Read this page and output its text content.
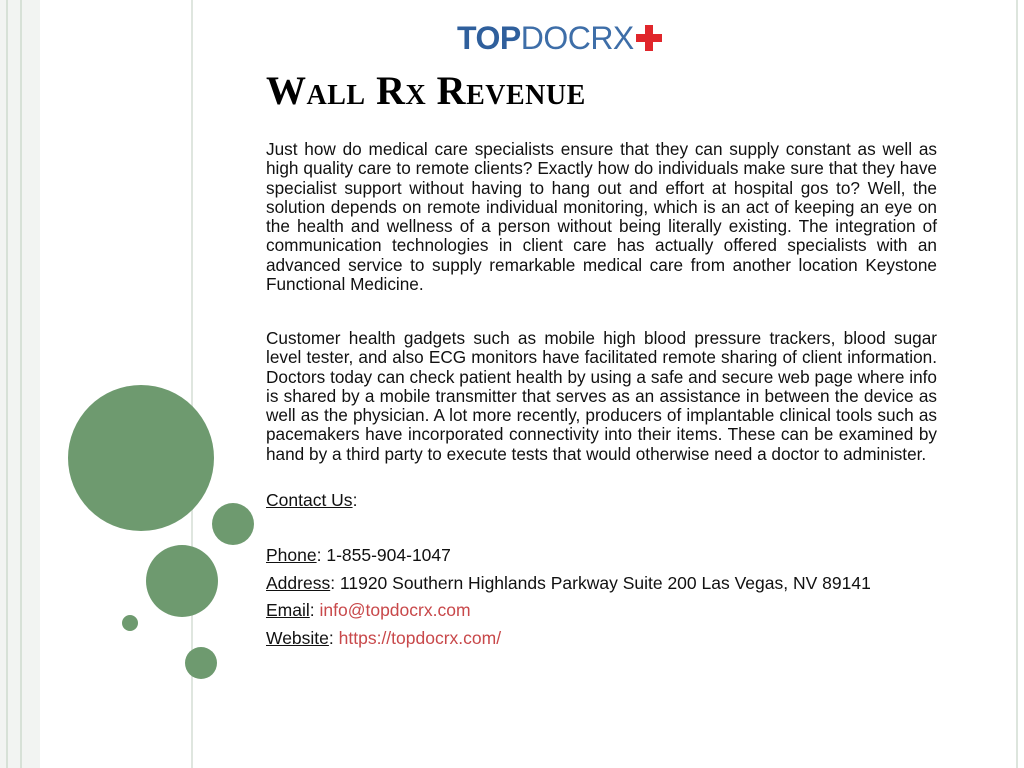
TOP DOCRX
Wall Rx Revenue

Just how do medical care specialists ensure that they can supply constant as well as high quality care to remote clients? Exactly how do individuals make sure that they have specialist support without having to hang out and effort at hospital gos to? Well, the solution depends on remote individual monitoring, which is an act of keeping an eye on the health and wellness of a person without being literally existing. The integration of communication technologies in client care has actually offered specialists with an advanced service to supply remarkable medical care from another location Keystone Functional Medicine.

Customer health gadgets such as mobile high blood pressure trackers, blood sugar level tester, and also ECG monitors have facilitated remote sharing of client information. Doctors today can check patient health by using a safe and secure web page where info is shared by a mobile transmitter that serves as an assistance in between the device as well as the physician. A lot more recently, producers of implantable clinical tools such as pacemakers have incorporated connectivity into their items. These can be examined by hand by a third party to execute tests that would otherwise need a doctor to administer.

Contact Us:
Phone: 1-855-904-1047
Address: 11920 Southern Highlands Parkway Suite 200 Las Vegas, NV 89141
Email: info@topdocrx.com
Website: https://topdocrx.com/
